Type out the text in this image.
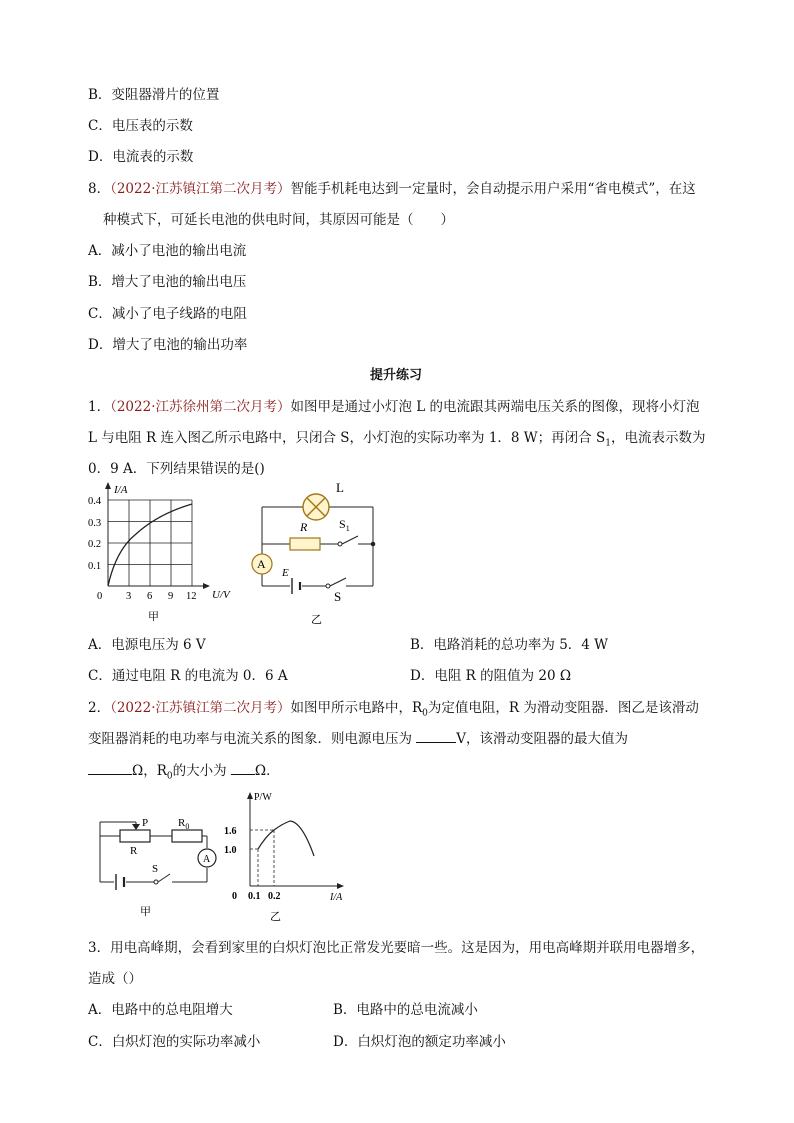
B．变阻器滑片的位置
C．电压表的示数
D．电流表的示数
8．（2022·江苏镇江第二次月考）智能手机耗电达到一定量时，会自动提示用户采用“省电模式”，在这
种模式下，可延长电池的供电时间，其原因可能是（　　）
A．减小了电池的输出电流
B．增大了电池的输出电压
C．减小了电子线路的电阻
D．增大了电池的输出功率
提升练习
1．（2022·江苏徐州第二次月考）如图甲是通过小灯泡 L 的电流跟其两端电压关系的图像，现将小灯泡
L 与电阻 R 连入图乙所示电路中，只闭合 S，小灯泡的实际功率为 1．8 W；再闭合 $S_1$，电流表示数为
0．9 A．下列结果错误的是()
I/A
U/V
0.4
0.3
0.2
0.1
0 3 6 9 12
甲
L
R	$S_1$
A
E
S
乙
A．电源电压为 6 V	B．电路消耗的总功率为 5．4 W
C．通过电阻 R 的电流为 0．6 A	D．电阻 R 的阻值为 20 Ω
2．（2022·江苏镇江第二次月考）如图甲所示电路中，$R_0$为定值电阻，R 为滑动变阻器．图乙是该滑动
变阻器消耗的电功率与电流关系的图象．则电源电压为	V，该滑动变阻器的最大值为
Ω，$R_0$的大小为 Ω．
P	$R_0$
R
A
S
甲
P/W
I/A
1.6
1.0
0 0.1 0.2
乙
3．用电高峰期，会看到家里的白炽灯泡比正常发光要暗一些。这是因为，用电高峰期并联用电器增多，
造成（）
A．电路中的总电阻增大	B．电路中的总电流减小
C．白炽灯泡的实际功率减小	D．白炽灯泡的额定功率减小
